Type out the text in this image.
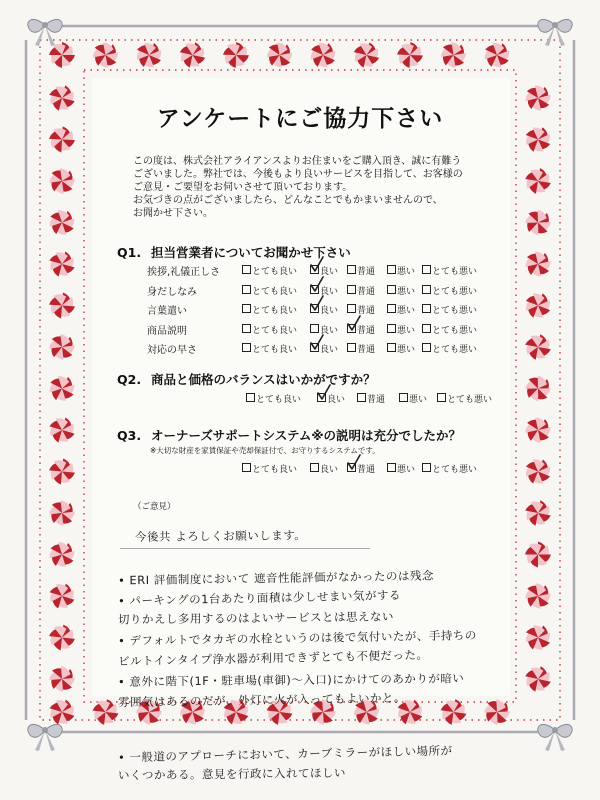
アンケートにご協力下さい
この度は、株式会社アライアンスよりお住まいをご購入頂き、誠に有難う
ございました。弊社では、今後もより良いサービスを目指して、お客様の
ご意見・ご要望をお伺いさせて頂いております。
お気づきの点がございましたら、どんなことでもかまいませんので、
お聞かせ下さい。
Q1. 担当営業者についてお聞かせ下さい
挨拶,礼儀正しさ	とても良い	良い	普通	悪い	とても悪い
身だしなみ	とても良い	良い	普通	悪い	とても悪い
言葉遣い	とても良い	良い	普通	悪い	とても悪い
商品説明	とても良い	良い	普通	悪い	とても悪い
対応の早さ	とても良い	良い	普通	悪い	とても悪い
Q2. 商品と価格のバランスはいかがですか？
とても良い	良い	普通	悪い	とても悪い
Q3. オーナーズサポートシステム※の説明は充分でしたか？
※大切な財産を家賃保証や売却保証付で、お守りするシステムです。
とても良い	良い	普通	悪い	とても悪い
（ご意見）
今後共 よろしくお願いします。
• ERI 評価制度において 遮音性能評価がなかったのは残念
• パーキングの1台あたり面積は少しせまい気がする
切りかえし多用するのはよいサービスとは思えない
• デフォルトでタカギの水栓というのは後で気付いたが、手持ちの
ビルトインタイプ浄水器が利用できずとても不便だった。
• 意外に階下(1F・駐車場(車御)〜入口)にかけてのあかりが暗い
雰囲気はあるのだが、外灯に火が入ってもよいかと。
• 一般道のアプローチにおいて、カーブミラーがほしい場所が
いくつかある。意見を行政に入れてほしい
